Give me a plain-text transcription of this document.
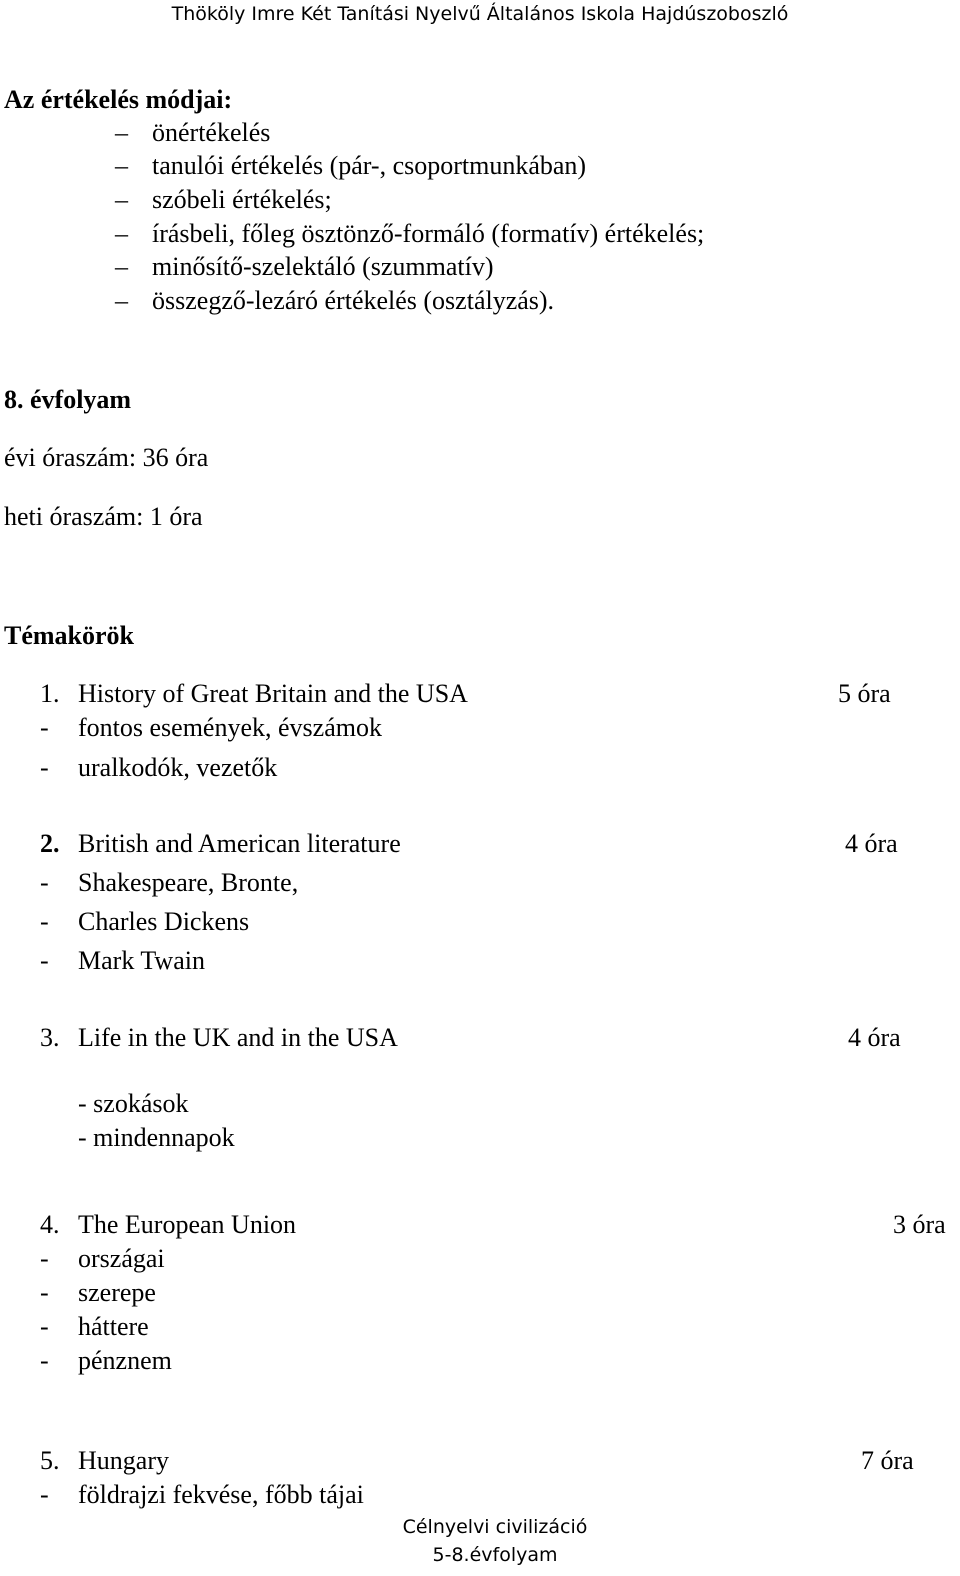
Thököly Imre Két Tanítási Nyelvű Általános Iskola Hajdúszoboszló
Az értékelés módjai:
– önértékelés
– tanulói értékelés (pár-, csoportmunkában)
– szóbeli értékelés;
– írásbeli, főleg ösztönző-formáló (formatív) értékelés;
– minősítő-szelektáló (szummatív)
– összegző-lezáró értékelés (osztályzás).
8. évfolyam
évi óraszám: 36 óra
heti óraszám: 1 óra
Témakörök
1. History of Great Britain and the USA	5 óra
- fontos események, évszámok
- uralkodók, vezetők
2. British and American literature	4 óra
- Shakespeare, Bronte,
- Charles Dickens
- Mark Twain
3. Life in the UK and in the USA	4 óra
- szokások
- mindennapok
4. The European Union	3 óra
- országai
- szerepe
- háttere
- pénznem
5. Hungary	7 óra
- földrajzi fekvése, főbb tájai
Célnyelvi civilizáció
5-8.évfolyam
